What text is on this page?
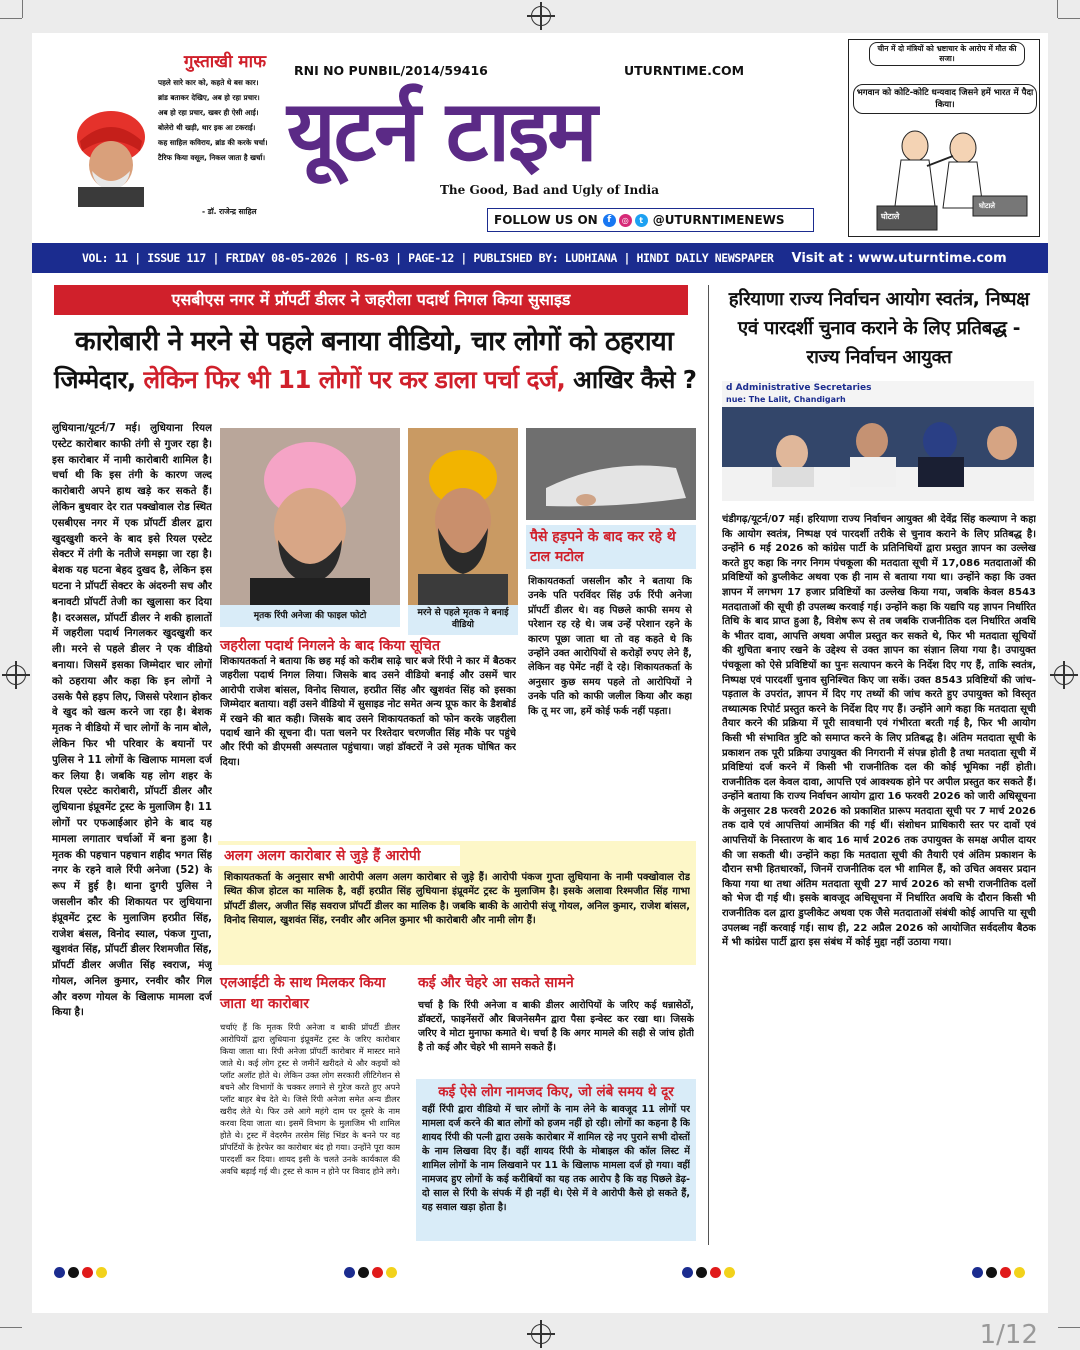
गुस्ताखी माफ
पहले सारे कार को, कहते थे बस कार।
ब्रांड बताकर देखिए, अब हो रहा प्रचार।
अब हो रहा प्रचार, खबर ही ऐसी आई।
बोलेरो थी खड़ी, थार इक आ टकराई।
कह साहिल कविराय, ब्रांड की करके चर्चा।
टैरिफ किया वसूल, निकल जाता है खर्चा।
- डॉ. राजेन्द्र साहिल
RNI NO PUNBIL/2014/59416	UTURNTIME.COM
यूटर्न टाइम
The Good, Bad and Ugly of India
FOLLOW US ON	f	◎	t @UTURNTIMENEWS
चीन में दो मंत्रियों को भ्रष्टाचार के आरोप में मौत की सजा।
भगवान को कोटि-कोटि धन्यवाद जिसने हमें भारत में पैदा किया।
घोटाले
घोटाले
VOL: 11 | ISSUE 117 | FRIDAY 08-05-2026 | RS-03 | PAGE-12 | PUBLISHED BY: LUDHIANA | HINDI DAILY NEWSPAPER Visit at : www.uturntime.com
एसबीएस नगर में प्रॉपर्टी डीलर ने जहरीला पदार्थ निगल किया सुसाइड
कारोबारी ने मरने से पहले बनाया वीडियो, चार लोगों को ठहराया
जिम्मेदार, लेकिन फिर भी 11 लोगों पर कर डाला पर्चा दर्ज, आखिर कैसे ?
लुधियाना/यूटर्न/7 मई। लुधियाना रियल एस्टेट कारोबार काफी तंगी से गुजर रहा है। इस कारोबार में नामी कारोबारी शामिल है। चर्चा थी कि इस तंगी के कारण जल्द कारोबारी अपने हाथ खड़े कर सकते हैं। लेकिन बुधवार देर रात पक्खोवाल रोड स्थित एसबीएस नगर में एक प्रॉपर्टी डीलर द्वारा खुदखुशी करने के बाद इसे रियल एस्टेट सेक्टर में तंगी के नतीजे समझा जा रहा है। बेशक यह घटना बेहद दुखद है, लेकिन इस घटना ने प्रॉपर्टी सेक्टर के अंदरुनी सच और बनावटी प्रॉपर्टी तेजी का खुलासा कर दिया है। दरअसल, प्रॉपर्टी डीलर ने शकी हालातों में जहरीला पदार्थ निगलकर खुदखुशी कर ली। मरने से पहले डीलर ने एक वीडियो बनाया। जिसमें इसका जिम्मेदार चार लोगों को ठहराया और कहा कि इन लोगों ने उसके पैसे हड़प लिए, जिससे परेशान होकर वे खुद को खत्म करने जा रहा है। बेशक मृतक ने वीडियो में चार लोगों के नाम बोले, लेकिन फिर भी परिवार के बयानों पर पुलिस ने 11 लोगों के खिलाफ मामला दर्ज कर लिया है। जबकि यह लोग शहर के रियल एस्टेट कारोबारी, प्रॉपर्टी डीलर और लुधियाना इंप्रूवमेंट ट्रस्ट के मुलाजिम है। 11 लोगों पर एफआईआर होने के बाद यह मामला लगातार चर्चाओं में बना हुआ है। मृतक की पहचान पहचान शहीद भगत सिंह नगर के रहने वाले रिंपी अनेजा (52) के रूप में हुई है। थाना दुगरी पुलिस ने जसलीन कौर की शिकायत पर लुधियाना इंप्रूवमेंट ट्रस्ट के मुलाजिम हरप्रीत सिंह, राजेश बंसल, विनोद स्याल, पंकज गुप्ता, खुशवंत सिंह, प्रॉपर्टी डीलर रिशमजीत सिंह, प्रॉपर्टी डीलर अजीत सिंह स्वराज, मंजू गोयल, अनिल कुमार, रनवीर कौर गिल और वरुण गोयल के खिलाफ मामला दर्ज किया है।
मृतक रिंपी अनेजा की फाइल फोटो	मरने से पहले मृतक ने बनाई वीडियो
पैसे हड़पने के बाद कर रहे थे टाल मटोल
शिकायतकर्ता जसलीन कौर ने बताया कि उनके पति परविंदर सिंह उर्फ रिंपी अनेजा प्रॉपर्टी डीलर थे। वह पिछले काफी समय से परेशान रह रहे थे। जब उन्हें परेशान रहने के कारण पूछा जाता था तो वह कहते थे कि उन्होंने उक्त आरोपियों से करोड़ों रुपए लेने हैं, लेकिन वह पेमेंट नहीं दे रहे। शिकायतकर्ता के अनुसार कुछ समय पहले तो आरोपियों ने उनके पति को काफी जलील किया और कहा कि तू मर जा, हमें कोई फर्क नहीं पड़ता।
जहरीला पदार्थ निगलने के बाद किया सूचित
शिकायतकर्ता ने बताया कि छह मई को करीब साढ़े चार बजे रिंपी ने कार में बैठकर जहरीला पदार्थ निगल लिया। जिसके बाद उसने वीडियो बनाई और उसमें चार आरोपी राजेश बांसल, विनोद सियाल, हरप्रीत सिंह और खुशवंत सिंह को इसका जिम्मेदार बताया। वहीं उसने वीडियो में सुसाइड नोट समेत अन्य प्रूफ कार के डैशबोर्ड में रखने की बात कही। जिसके बाद उसने शिकायतकर्ता को फोन करके जहरीला पदार्थ खाने की सूचना दी। पता चलने पर रिश्तेदार चरणजीत सिंह मौके पर पहुंचे और रिंपी को डीएमसी अस्पताल पहुंचाया। जहां डॉक्टरों ने उसे मृतक घोषित कर दिया।
अलग अलग कारोबार से जुड़े हैं आरोपी
शिकायतकर्ता के अनुसार सभी आरोपी अलग अलग कारोबार से जुड़े हैं। आरोपी पंकज गुप्ता लुधियाना के नामी पक्खोवाल रोड स्थित कीज होटल का मालिक है, वहीं हरप्रीत सिंह लुधियाना इंप्रूवमेंट ट्रस्ट के मुलाजिम है। इसके अलावा रिश्मजीत सिंह गाभा प्रॉपर्टी डीलर, अजीत सिंह सवराज प्रॉपर्टी डीलर का मालिक है। जबकि बाकी के आरोपी संजू गोयल, अनिल कुमार, राजेश बांसल, विनोद सियाल, खुशवंत सिंह, रनवीर और अनिल कुमार भी कारोबारी और नामी लोग हैं।
एलआईटी के साथ मिलकर किया जाता था कारोबार
चर्चाएं हैं कि मृतक रिंपी अनेजा व बाकी प्रॉपर्टी डीलर आरोपियों द्वारा लुधियाना इंप्रूवमेंट ट्रस्ट के जरिए कारोबार किया जाता था। रिंपी अनेजा प्रॉपर्टी कारोबार में मास्टर माने जाते थे। कई लोग ट्रस्ट से जमीनें खरीदते थे और कइयों को प्लॉट अलॉट होते थे। लेकिन उक्त लोग सरकारी लीटिगेशन से बचने और विभागों के चक्कर लगाने से गुरेज करते हुए अपने प्लॉट बाहर बेच देते थे। जिसे रिंपी अनेजा समेत अन्य डीलर खरीद लेते थे। फिर उसे आगे महंगे दाम पर दूसरे के नाम करवा दिया जाता था। इसमें विभाग के मुलाजिम भी शामिल होते थे। ट्रस्ट में वेदरमैन तरसेम सिंह भिंडर के बनने पर वह प्रॉपर्टियों के हेरफेर का कारोबार बंद हो गया। उन्होंने पूरा काम पारदर्शी कर दिया। शायद इसी के चलते उनके कार्यकाल की अवधि बढ़ाई गई थी। ट्रस्ट से काम न होने पर विवाद होने लगे।
कई और चेहरे आ सकते सामने
चर्चा है कि रिंपी अनेजा व बाकी डीलर आरोपियों के जरिए कई धन्नासेठों, डॉक्टरों, फाइनेंसरों और बिजनेसमैन द्वारा पैसा इन्वेस्ट कर रखा था। जिसके जरिए वे मोटा मुनाफा कमाते थे। चर्चा है कि अगर मामले की सही से जांच होती है तो कई और चेहरे भी सामने सकते हैं।
कई ऐसे लोग नामजद किए, जो लंबे समय थे दूर
वहीं रिंपी द्वारा वीडियो में चार लोगों के नाम लेने के बावजूद 11 लोगों पर मामला दर्ज करने की बात लोगों को हजम नहीं हो रही। लोगों का कहना है कि शायद रिंपी की पत्नी द्वारा उसके कारोबार में शामिल रहे नए पुराने सभी दोस्तों के नाम लिखवा दिए हैं। वहीं शायद रिंपी के मोबाइल की कॉल लिस्ट में शामिल लोगों के नाम लिखवाने पर 11 के खिलाफ मामला दर्ज हो गया। वहीं नामजद हुए लोगों के कई करीबियों का यह तक आरोप है कि वह पिछले डेढ़-दो साल से रिंपी के संपर्क में ही नहीं थे। ऐसे में वे आरोपी कैसे हो सकते हैं, यह सवाल खड़ा होता है।
हरियाणा राज्य निर्वाचन आयोग स्वतंत्र, निष्पक्ष एवं पारदर्शी चुनाव कराने के लिए प्रतिबद्ध - राज्य निर्वाचन आयुक्त
d Administrative Secretaries
nue: The Lalit, Chandigarh
चंडीगढ़/यूटर्न/07 मई। हरियाणा राज्य निर्वाचन आयुक्त श्री देवेंद्र सिंह कल्याण ने कहा कि आयोग स्वतंत्र, निष्पक्ष एवं पारदर्शी तरीके से चुनाव कराने के लिए प्रतिबद्ध है। उन्होंने 6 मई 2026 को कांग्रेस पार्टी के प्रतिनिधियों द्वारा प्रस्तुत ज्ञापन का उल्लेख करते हुए कहा कि नगर निगम पंचकूला की मतदाता सूची में 17,086 मतदाताओं की प्रविष्टियों को डुप्लीकेट अथवा एक ही नाम से बताया गया था। उन्होंने कहा कि उक्त ज्ञापन में लगभग 17 हजार प्रविष्टियों का उल्लेख किया गया, जबकि केवल 8543 मतदाताओं की सूची ही उपलब्ध करवाई गई। उन्होंने कहा कि यद्यपि यह ज्ञापन निर्धारित तिथि के बाद प्राप्त हुआ है, विशेष रूप से तब जबकि राजनीतिक दल निर्धारित अवधि के भीतर दावा, आपत्ति अथवा अपील प्रस्तुत कर सकते थे, फिर भी मतदाता सूचियों की शुचिता बनाए रखने के उद्देश्य से उक्त ज्ञापन का संज्ञान लिया गया है। उपायुक्त पंचकूला को ऐसे प्रविष्टियों का पुनः सत्यापन करने के निर्देश दिए गए हैं, ताकि स्वतंत्र, निष्पक्ष एवं पारदर्शी चुनाव सुनिश्चित किए जा सकें। उक्त 8543 प्रविष्टियों की जांच-पड़ताल के उपरांत, ज्ञापन में दिए गए तथ्यों की जांच करते हुए उपायुक्त को विस्तृत तथ्यात्मक रिपोर्ट प्रस्तुत करने के निर्देश दिए गए हैं। उन्होंने आगे कहा कि मतदाता सूची तैयार करने की प्रक्रिया में पूरी सावधानी एवं गंभीरता बरती गई है, फिर भी आयोग किसी भी संभावित त्रुटि को समाप्त करने के लिए प्रतिबद्ध है। अंतिम मतदाता सूची के प्रकाशन तक पूरी प्रक्रिया उपायुक्त की निगरानी में संपन्न होती है तथा मतदाता सूची में प्रविष्टियां दर्ज करने में किसी भी राजनीतिक दल की कोई भूमिका नहीं होती। राजनीतिक दल केवल दावा, आपत्ति एवं आवश्यक होने पर अपील प्रस्तुत कर सकते हैं। उन्होंने बताया कि राज्य निर्वाचन आयोग द्वारा 16 फरवरी 2026 को जारी अधिसूचना के अनुसार 28 फरवरी 2026 को प्रकाशित प्रारूप मतदाता सूची पर 7 मार्च 2026 तक दावे एवं आपत्तियां आमंत्रित की गई थीं। संशोधन प्राधिकारी स्तर पर दावों एवं आपत्तियों के निस्तारण के बाद 16 मार्च 2026 तक उपायुक्त के समक्ष अपील दायर की जा सकती थी। उन्होंने कहा कि मतदाता सूची की तैयारी एवं अंतिम प्रकाशन के दौरान सभी हितधारकों, जिनमें राजनीतिक दल भी शामिल हैं, को उचित अवसर प्रदान किया गया था तथा अंतिम मतदाता सूची 27 मार्च 2026 को सभी राजनीतिक दलों को भेज दी गई थी। इसके बावजूद अधिसूचना में निर्धारित अवधि के दौरान किसी भी राजनीतिक दल द्वारा डुप्लीकेट अथवा एक जैसे मतदाताओं संबंधी कोई आपत्ति या सूची उपलब्ध नहीं करवाई गई। साथ ही, 22 अप्रैल 2026 को आयोजित सर्वदलीय बैठक में भी कांग्रेस पार्टी द्वारा इस संबंध में कोई मुद्दा नहीं उठाया गया।
1/12
